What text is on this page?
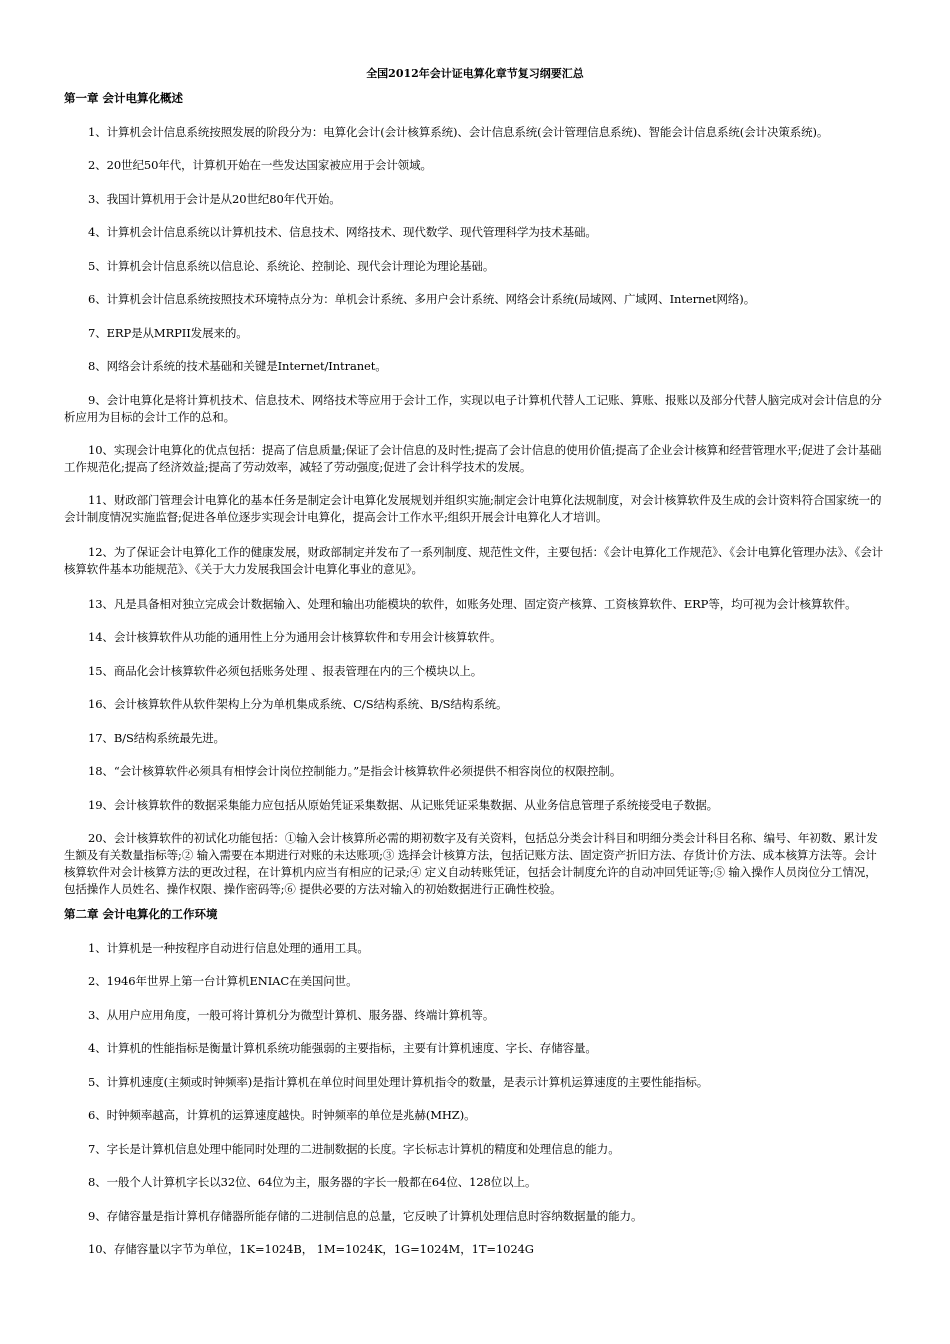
全国2012年会计证电算化章节复习纲要汇总
第一章 会计电算化概述

1、计算机会计信息系统按照发展的阶段分为：电算化会计(会计核算系统)、会计信息系统(会计管理信息系统)、智能会计信息系统(会计决策系统)。

2、20世纪50年代，计算机开始在一些发达国家被应用于会计领域。

3、我国计算机用于会计是从20世纪80年代开始。

4、计算机会计信息系统以计算机技术、信息技术、网络技术、现代数学、现代管理科学为技术基础。

5、计算机会计信息系统以信息论、系统论、控制论、现代会计理论为理论基础。

6、计算机会计信息系统按照技术环境特点分为：单机会计系统、多用户会计系统、网络会计系统(局域网、广域网、Internet网络)。

7、ERP是从MRPII发展来的。

8、网络会计系统的技术基础和关键是Internet/Intranet。

9、会计电算化是将计算机技术、信息技术、网络技术等应用于会计工作，实现以电子计算机代替人工记账、算账、报账以及部分代替人脑完成对会计信息的分析应用为目标的会计工作的总和。

10、实现会计电算化的优点包括：提高了信息质量;保证了会计信息的及时性;提高了会计信息的使用价值;提高了企业会计核算和经营管理水平;促进了会计基础工作规范化;提高了经济效益;提高了劳动效率，减轻了劳动强度;促进了会计科学技术的发展。

11、财政部门管理会计电算化的基本任务是制定会计电算化发展规划并组织实施;制定会计电算化法规制度，对会计核算软件及生成的会计资料符合国家统一的会计制度情况实施监督;促进各单位逐步实现会计电算化，提高会计工作水平;组织开展会计电算化人才培训。

12、为了保证会计电算化工作的健康发展，财政部制定并发布了一系列制度、规范性文件，主要包括：《会计电算化工作规范》、《会计电算化管理办法》、《会计核算软件基本功能规范》、《关于大力发展我国会计电算化事业的意见》。

13、凡是具备相对独立完成会计数据输入、处理和输出功能模块的软件，如账务处理、固定资产核算、工资核算软件、ERP等，均可视为会计核算软件。

14、会计核算软件从功能的通用性上分为通用会计核算软件和专用会计核算软件。

15、商品化会计核算软件必须包括账务处理 、报表管理在内的三个模块以上。

16、会计核算软件从软件架构上分为单机集成系统、C/S结构系统、B/S结构系统。

17、B/S结构系统最先进。

18、“会计核算软件必须具有相悖会计岗位控制能力。”是指会计核算软件必须提供不相容岗位的权限控制。

19、会计核算软件的数据采集能力应包括从原始凭证采集数据、从记账凭证采集数据、从业务信息管理子系统接受电子数据。

20、会计核算软件的初试化功能包括：①输入会计核算所必需的期初数字及有关资料，包括总分类会计科目和明细分类会计科目名称、编号、年初数、累计发生额及有关数量指标等;② 输入需要在本期进行对账的未达账项;③ 选择会计核算方法，包括记账方法、固定资产折旧方法、存货计价方法、成本核算方法等。会计核算软件对会计核算方法的更改过程，在计算机内应当有相应的记录;④ 定义自动转账凭证，包括会计制度允许的自动冲回凭证等;⑤ 输入操作人员岗位分工情况，包括操作人员姓名、操作权限、操作密码等;⑥ 提供必要的方法对输入的初始数据进行正确性校验。

第二章 会计电算化的工作环境

1、计算机是一种按程序自动进行信息处理的通用工具。

2、1946年世界上第一台计算机ENIAC在美国问世。

3、从用户应用角度，一般可将计算机分为微型计算机、服务器、终端计算机等。

4、计算机的性能指标是衡量计算机系统功能强弱的主要指标，主要有计算机速度、字长、存储容量。

5、计算机速度(主频或时钟频率)是指计算机在单位时间里处理计算机指令的数量，是表示计算机运算速度的主要性能指标。

6、时钟频率越高，计算机的运算速度越快。时钟频率的单位是兆赫(MHZ)。

7、字长是计算机信息处理中能同时处理的二进制数据的长度。字长标志计算机的精度和处理信息的能力。

8、一般个人计算机字长以32位、64位为主，服务器的字长一般都在64位、128位以上。

9、存储容量是指计算机存储器所能存储的二进制信息的总量，它反映了计算机处理信息时容纳数据量的能力。

10、存储容量以字节为单位，1K=1024B， 1M=1024K，1G=1024M，1T=1024G
